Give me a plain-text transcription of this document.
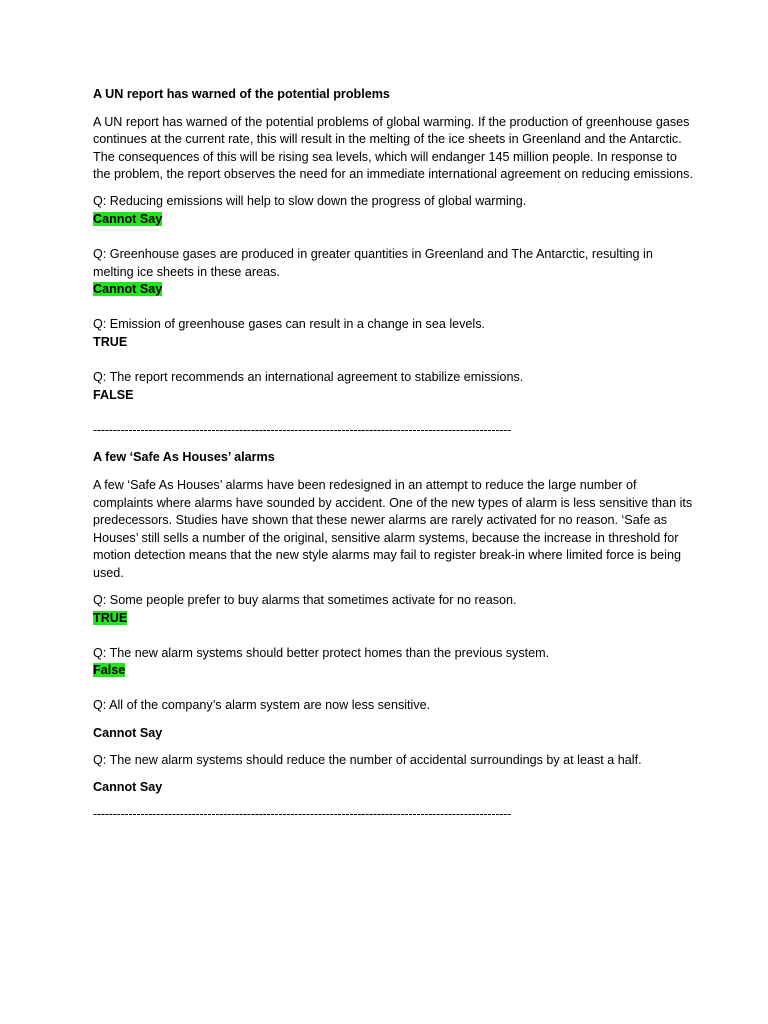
A UN report has warned of the potential problems

A UN report has warned of the potential problems of global warming. If the production of greenhouse gases continues at the current rate, this will result in the melting of the ice sheets in Greenland and the Antarctic. The consequences of this will be rising sea levels, which will endanger 145 million people. In response to the problem, the report observes the need for an immediate international agreement on reducing emissions.

Q: Reducing emissions will help to slow down the progress of global warming.

Cannot Say

Q: Greenhouse gases are produced in greater quantities in Greenland and The Antarctic, resulting in melting ice sheets in these areas.

Cannot Say

Q: Emission of greenhouse gases can result in a change in sea levels.

TRUE

Q: The report recommends an international agreement to stabilize emissions.

FALSE

----------------------------------------------------------------------------------------------------------

A few ‘Safe As Houses’ alarms

A few ‘Safe As Houses’ alarms have been redesigned in an attempt to reduce the large number of complaints where alarms have sounded by accident. One of the new types of alarm is less sensitive than its predecessors. Studies have shown that these newer alarms are rarely activated for no reason. ‘Safe as Houses’ still sells a number of the original, sensitive alarm systems, because the increase in threshold for motion detection means that the new style alarms may fail to register break-in where limited force is being used.

Q: Some people prefer to buy alarms that sometimes activate for no reason.

TRUE

Q: The new alarm systems should better protect homes than the previous system.

False

Q: All of the company’s alarm system are now less sensitive.

Cannot Say

Q: The new alarm systems should reduce the number of accidental surroundings by at least a half.

Cannot Say

----------------------------------------------------------------------------------------------------------
